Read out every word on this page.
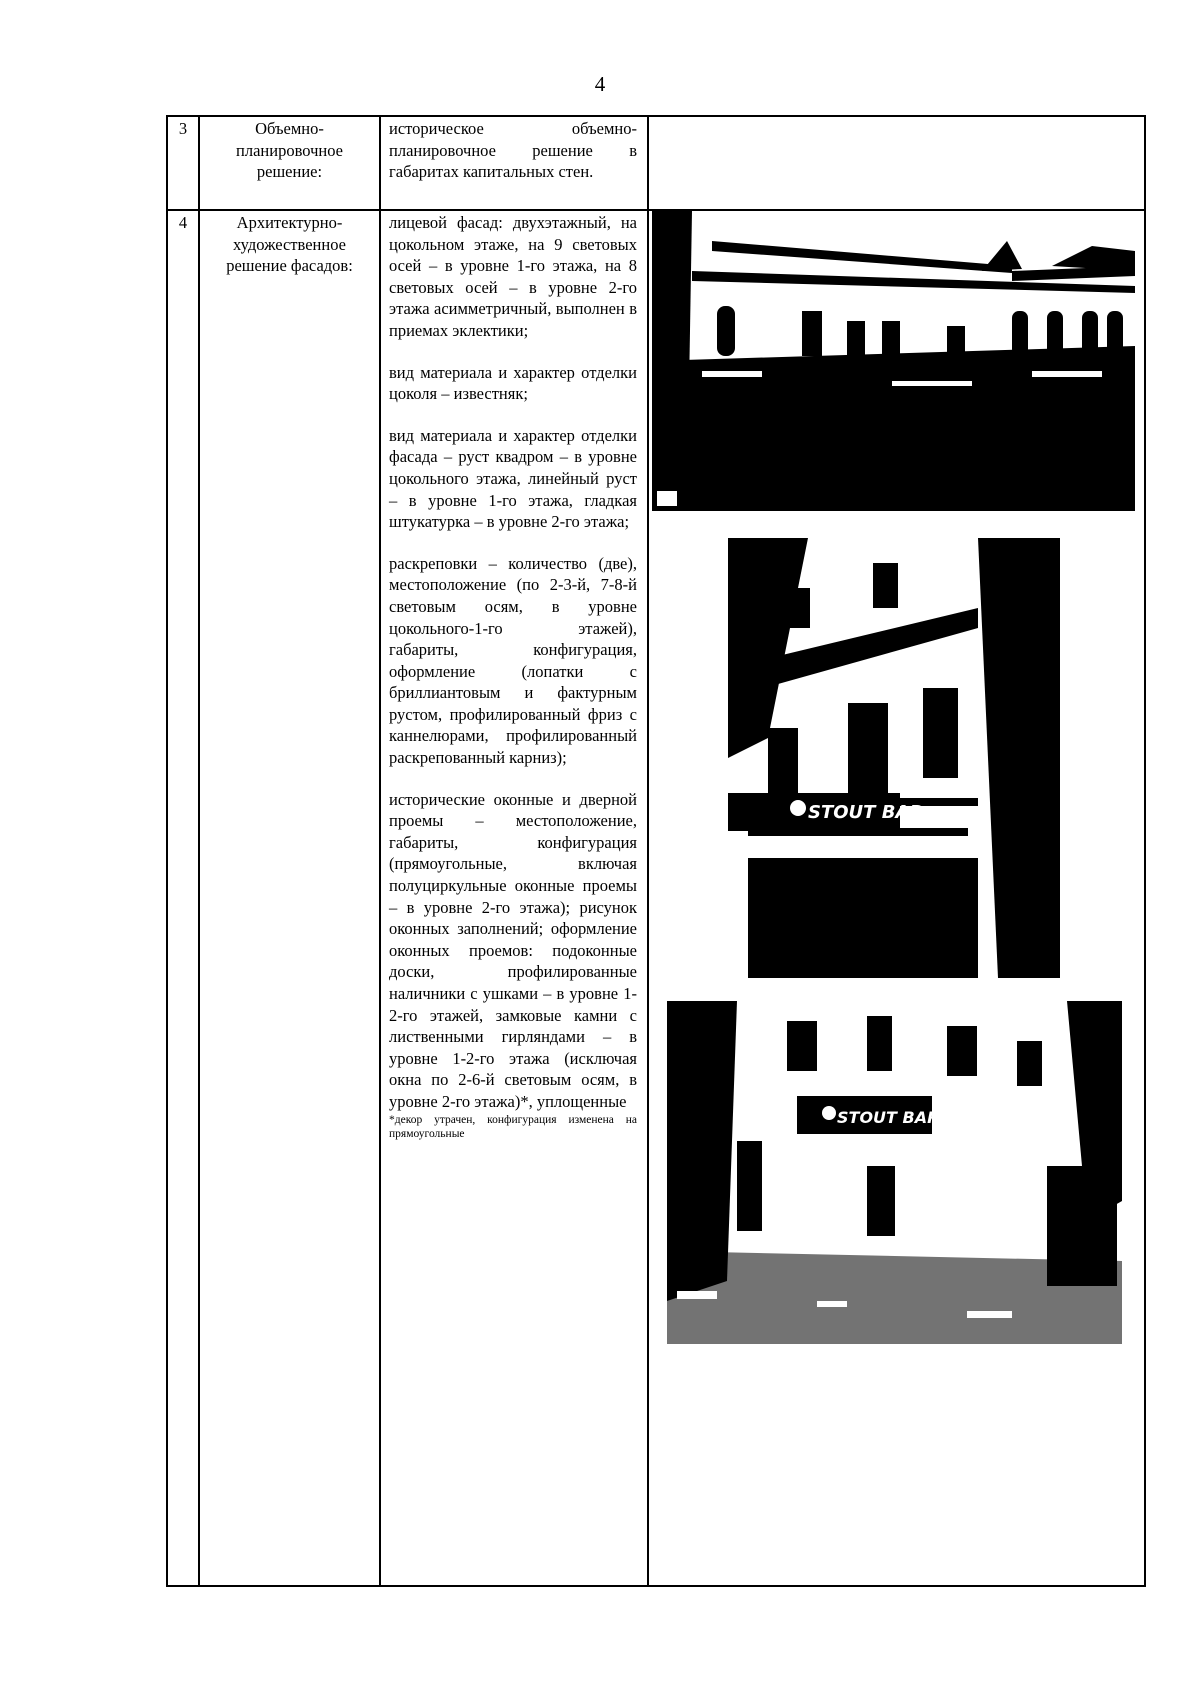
4
3	Объемно-
планировочное
решение:

историческое объемно-планировочное решение в габаритах капитальных стен.

4	Архитектурно-
художественное
решение фасадов:

лицевой фасад: двухэтажный, на цокольном этаже, на 9 световых осей – в уровне 1-го этажа, на 8 световых осей – в уровне 2-го этажа асимметричный, выполнен в приемах эклектики;

вид материала и характер отделки цоколя – известняк;

вид материала и характер отделки фасада – руст квадром – в уровне цокольного этажа, линейный руст – в уровне 1-го этажа, гладкая штукатурка – в уровне 2-го этажа;

раскреповки – количество (две), местоположение (по 2-3-й, 7-8-й световым осям, в уровне цокольного-1-го этажей), габариты, конфигурация, оформление (лопатки с бриллиантовым и фактурным рустом, профилированный фриз с каннелюрами, профилированный раскрепованный карниз);

исторические оконные и дверной проемы – местоположение, габариты, конфигурация (прямоугольные, включая полуциркульные оконные проемы – в уровне 2-го этажа); рисунок оконных заполнений; оформление оконных проемов: подоконные доски, профилированные наличники с ушками – в уровне 1-2-го этажей, замковые камни с лиственными гирляндами – в уровне 1-2-го этажа (исключая окна по 2-6-й световым осям, в уровне 2-го этажа)*, уплощенные

*декор утрачен, конфигурация изменена на прямоугольные

STOUT BAR
STOUT BAR
